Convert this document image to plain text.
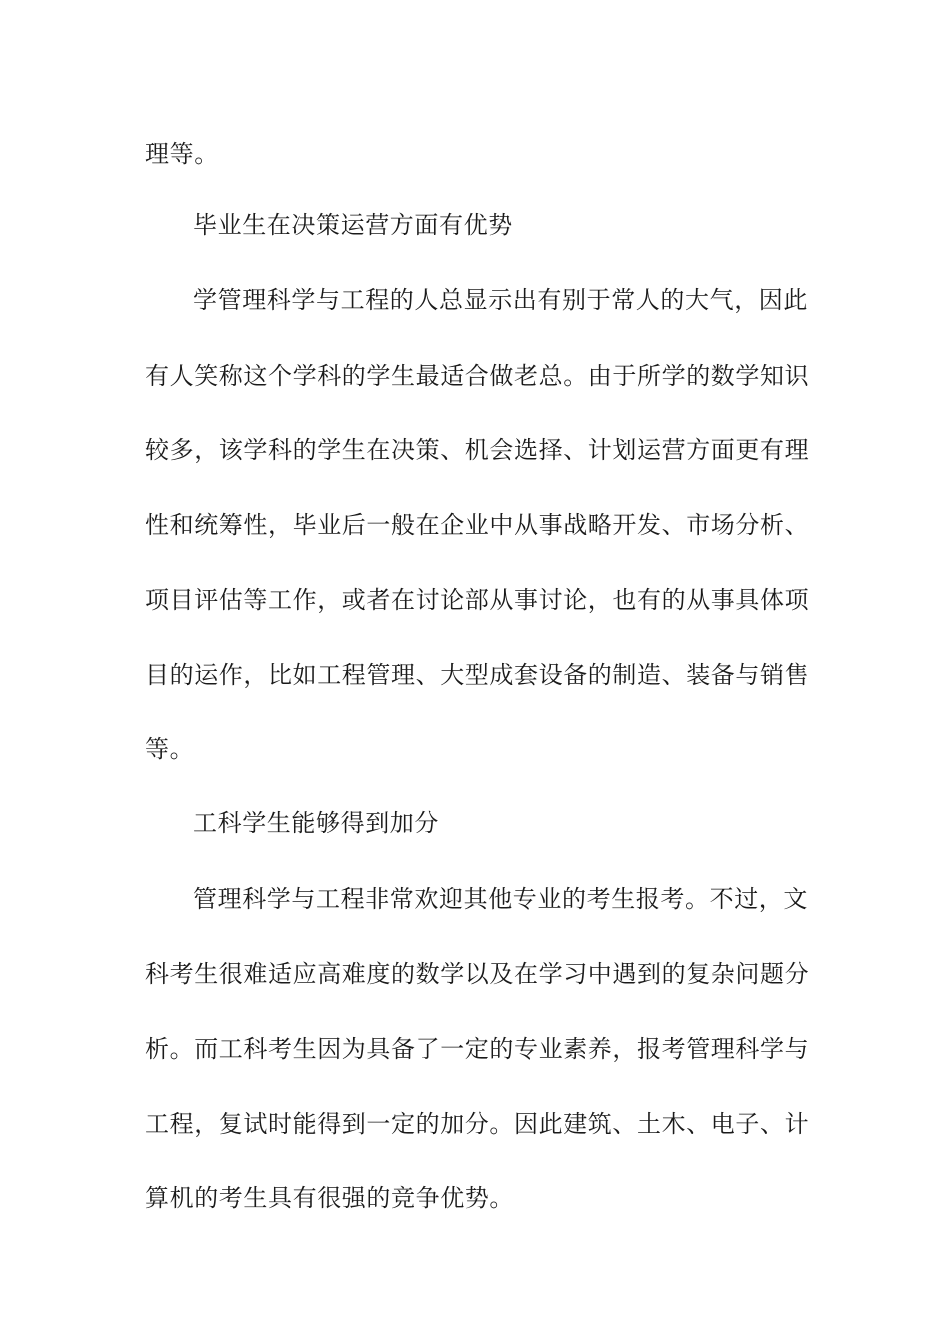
理等。
毕业生在决策运营方面有优势
学管理科学与工程的人总显示出有别于常人的大气，因此
有人笑称这个学科的学生最适合做老总。由于所学的数学知识
较多，该学科的学生在决策、机会选择、计划运营方面更有理
性和统筹性，毕业后一般在企业中从事战略开发、市场分析、
项目评估等工作，或者在讨论部从事讨论，也有的从事具体项
目的运作，比如工程管理、大型成套设备的制造、装备与销售
等。
工科学生能够得到加分
管理科学与工程非常欢迎其他专业的考生报考。不过，文
科考生很难适应高难度的数学以及在学习中遇到的复杂问题分
析。而工科考生因为具备了一定的专业素养，报考管理科学与
工程，复试时能得到一定的加分。因此建筑、土木、电子、计
算机的考生具有很强的竞争优势。
